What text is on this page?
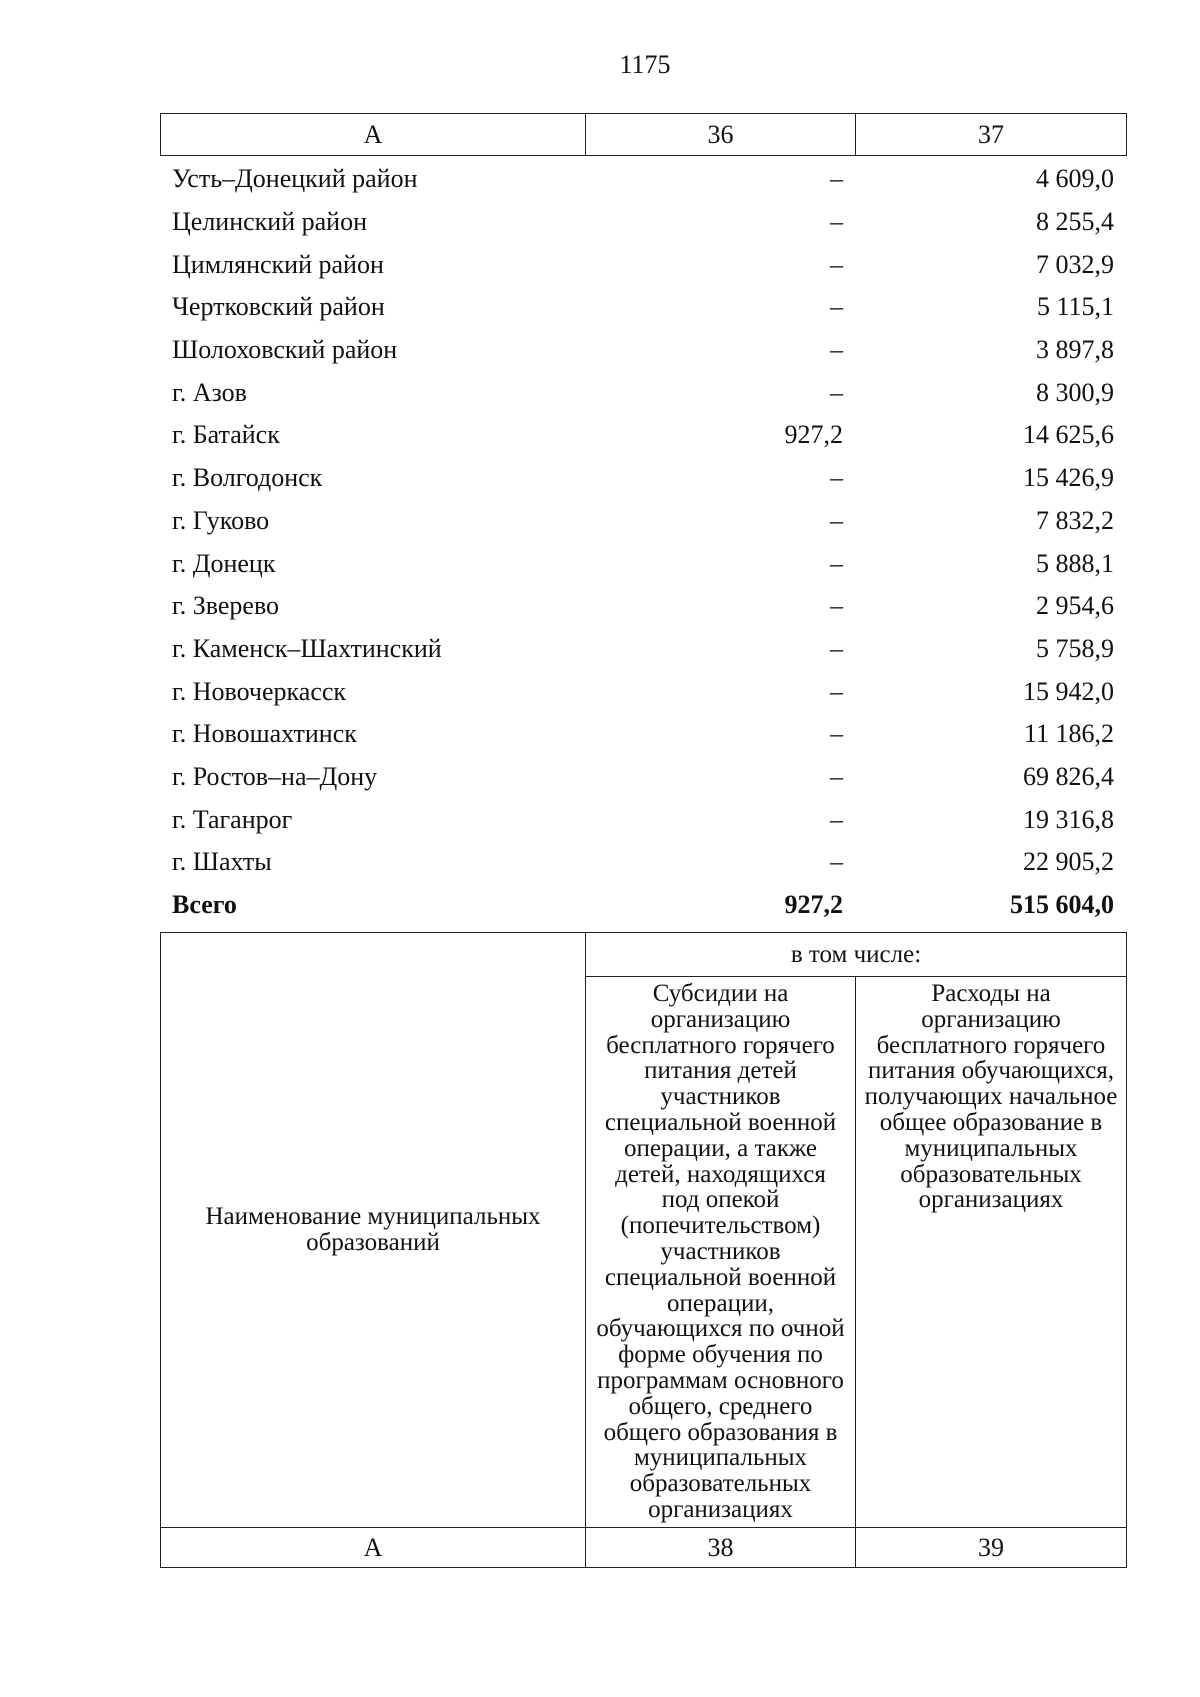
1175
А	36	37
Усть–Донецкий район	–	4 609,0
Целинский район	–	8 255,4
Цимлянский район	–	7 032,9
Чертковский район	–	5 115,1
Шолоховский район	–	3 897,8
г. Азов	–	8 300,9
г. Батайск	927,2	14 625,6
г. Волгодонск	–	15 426,9
г. Гуково	–	7 832,2
г. Донецк	–	5 888,1
г. Зверево	–	2 954,6
г. Каменск–Шахтинский	–	5 758,9
г. Новочеркасск	–	15 942,0
г. Новошахтинск	–	11 186,2
г. Ростов–на–Дону	–	69 826,4
г. Таганрог	–	19 316,8
г. Шахты	–	22 905,2
Всего	927,2	515 604,0
Наименование муниципальных образований	в том числе:	
	Субсидии на организацию бесплатного горячего питания детей участников специальной военной операции, а также детей, находящихся под опекой (попечительством) участников специальной военной операции, обучающихся по очной форме обучения по программам основного общего, среднего общего образования в муниципальных образовательных организациях	Расходы на организацию бесплатного горячего питания обучающихся, получающих начальное общее образование в муниципальных образовательных организациях
А	38	39
